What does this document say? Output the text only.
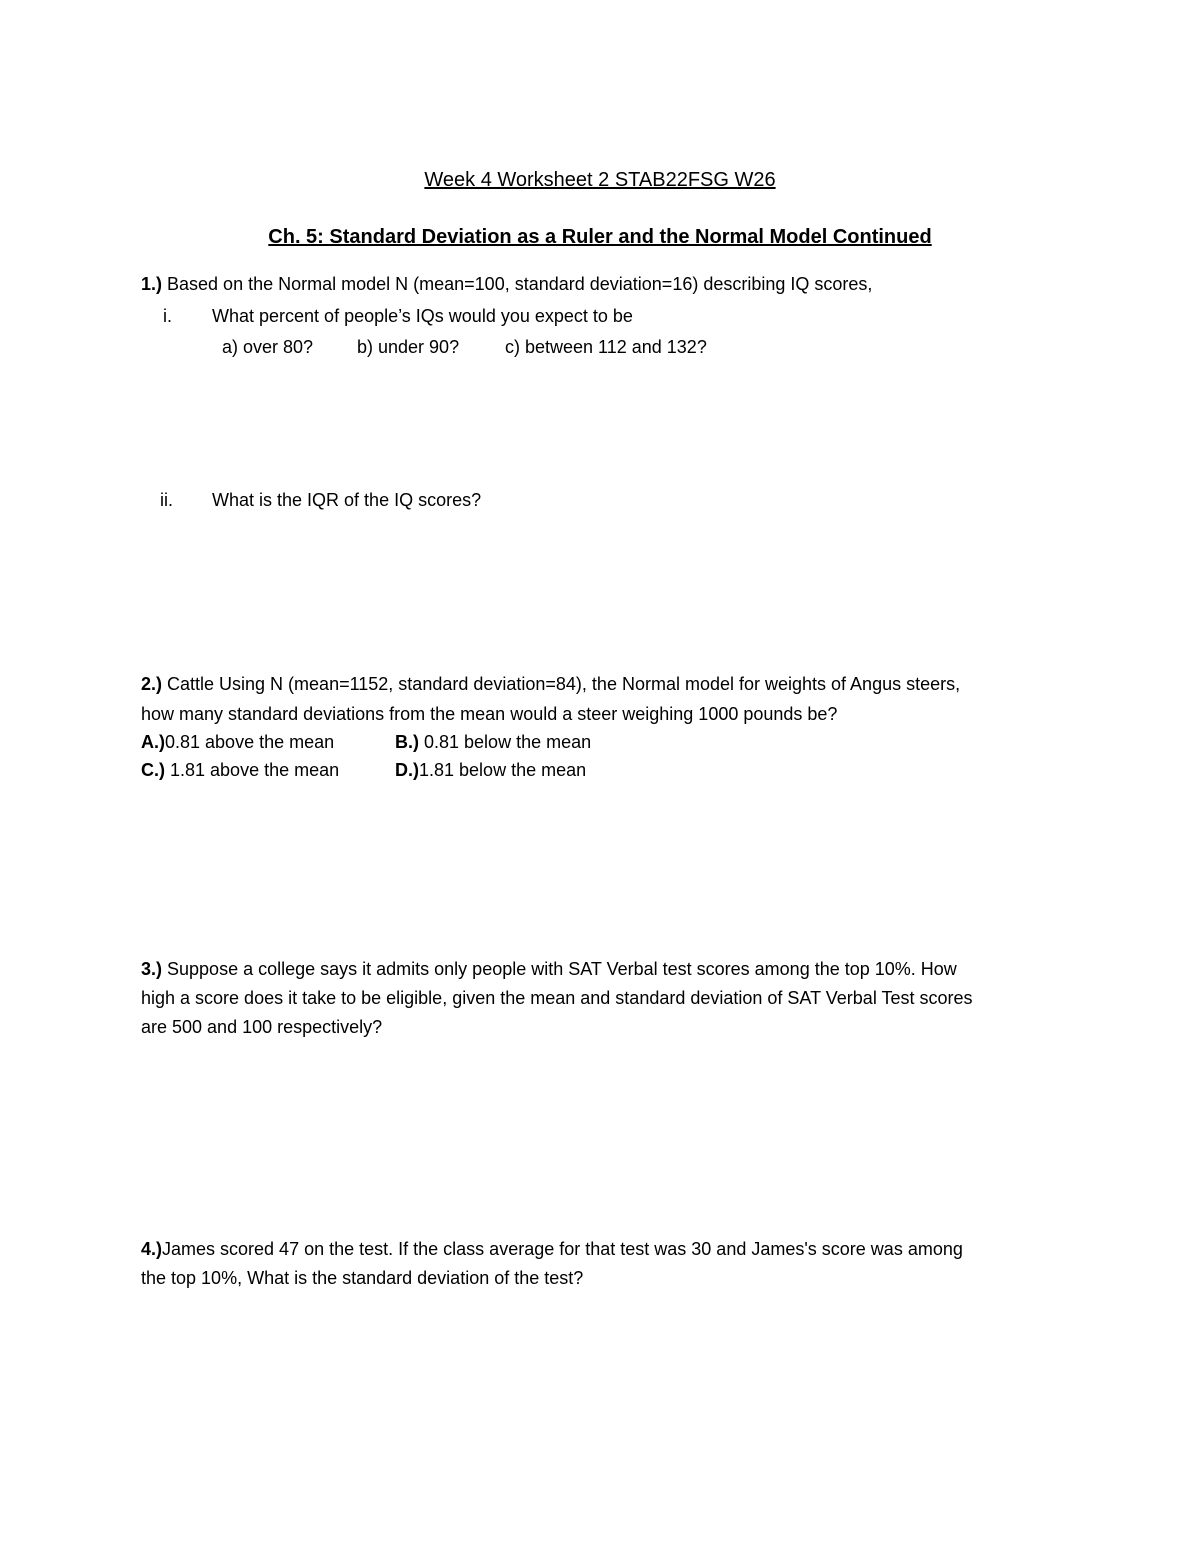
Week 4 Worksheet 2 STAB22FSG W26
Ch. 5: Standard Deviation as a Ruler and the Normal Model Continued
1.) Based on the Normal model N (mean=100, standard deviation=16) describing IQ scores,
i. What percent of people’s IQs would you expect to be
a) over 80? b) under 90?	c) between 112 and 132?
ii. What is the IQR of the IQ scores?
2.) Cattle Using N (mean=1152, standard deviation=84), the Normal model for weights of Angus steers,
how many standard deviations from the mean would a steer weighing 1000 pounds be?
A.)0.81 above the mean	B.) 0.81 below the mean
C.) 1.81 above the mean	D.)1.81 below the mean
3.) Suppose a college says it admits only people with SAT Verbal test scores among the top 10%. How
high a score does it take to be eligible, given the mean and standard deviation of SAT Verbal Test scores
are 500 and 100 respectively?
4.)James scored 47 on the test. If the class average for that test was 30 and James's score was among
the top 10%, What is the standard deviation of the test?
